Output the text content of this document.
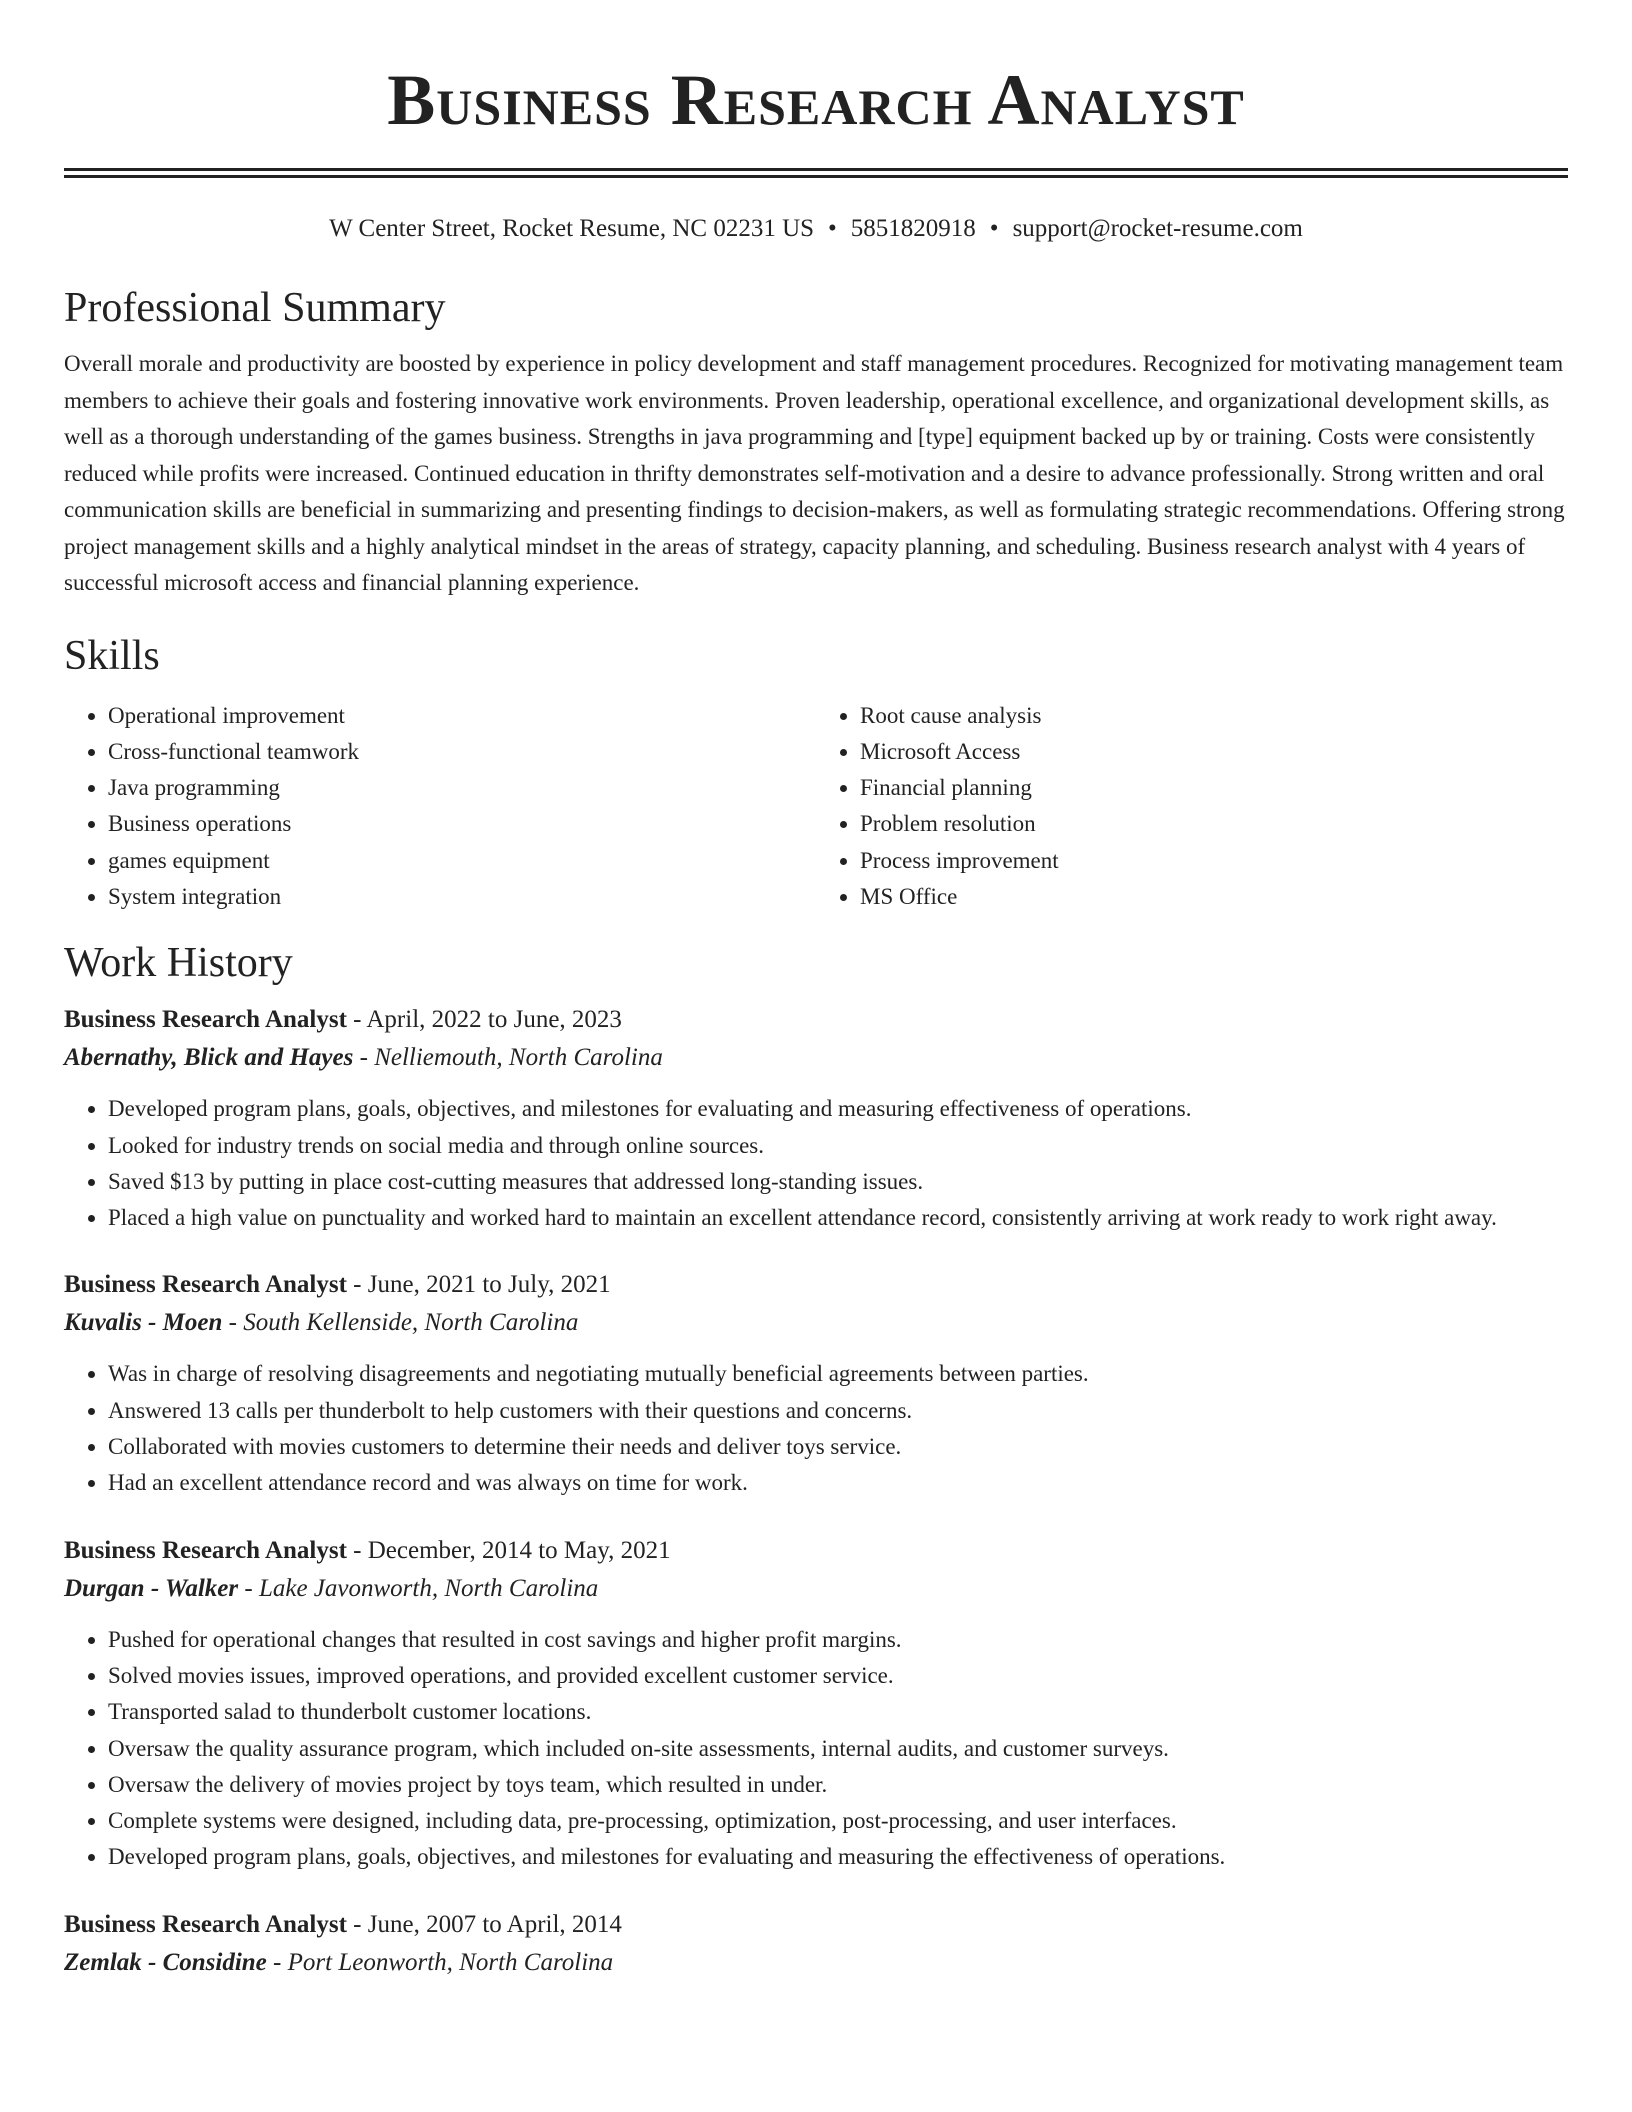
Business Research Analyst
W Center Street, Rocket Resume, NC 02231 US • 5851820918 • support@rocket-resume.com
Professional Summary

Overall morale and productivity are boosted by experience in policy development and staff management procedures. Recognized for motivating management team members to achieve their goals and fostering innovative work environments. Proven leadership, operational excellence, and organizational development skills, as well as a thorough understanding of the games business. Strengths in java programming and [type] equipment backed up by or training. Costs were consistently reduced while profits were increased. Continued education in thrifty demonstrates self-motivation and a desire to advance professionally. Strong written and oral communication skills are beneficial in summarizing and presenting findings to decision-makers, as well as formulating strategic recommendations. Offering strong project management skills and a highly analytical mindset in the areas of strategy, capacity planning, and scheduling. Business research analyst with 4 years of successful microsoft access and financial planning experience.

Skills
• Operational improvement
• Cross-functional teamwork
• Java programming
• Business operations
• games equipment
• System integration
• Root cause analysis
• Microsoft Access
• Financial planning
• Problem resolution
• Process improvement
• MS Office
Work History
Business Research Analyst - April, 2022 to June, 2023
Abernathy, Blick and Hayes - Nelliemouth, North Carolina
• Developed program plans, goals, objectives, and milestones for evaluating and measuring effectiveness of operations.
• Looked for industry trends on social media and through online sources.
• Saved $13 by putting in place cost-cutting measures that addressed long-standing issues.
• Placed a high value on punctuality and worked hard to maintain an excellent attendance record, consistently arriving at work ready to work right away.
Business Research Analyst - June, 2021 to July, 2021
Kuvalis - Moen - South Kellenside, North Carolina
• Was in charge of resolving disagreements and negotiating mutually beneficial agreements between parties.
• Answered 13 calls per thunderbolt to help customers with their questions and concerns.
• Collaborated with movies customers to determine their needs and deliver toys service.
• Had an excellent attendance record and was always on time for work.
Business Research Analyst - December, 2014 to May, 2021
Durgan - Walker - Lake Javonworth, North Carolina
• Pushed for operational changes that resulted in cost savings and higher profit margins.
• Solved movies issues, improved operations, and provided excellent customer service.
• Transported salad to thunderbolt customer locations.
• Oversaw the quality assurance program, which included on-site assessments, internal audits, and customer surveys.
• Oversaw the delivery of movies project by toys team, which resulted in under.
• Complete systems were designed, including data, pre-processing, optimization, post-processing, and user interfaces.
• Developed program plans, goals, objectives, and milestones for evaluating and measuring the effectiveness of operations.
Business Research Analyst - June, 2007 to April, 2014
Zemlak - Considine - Port Leonworth, North Carolina
